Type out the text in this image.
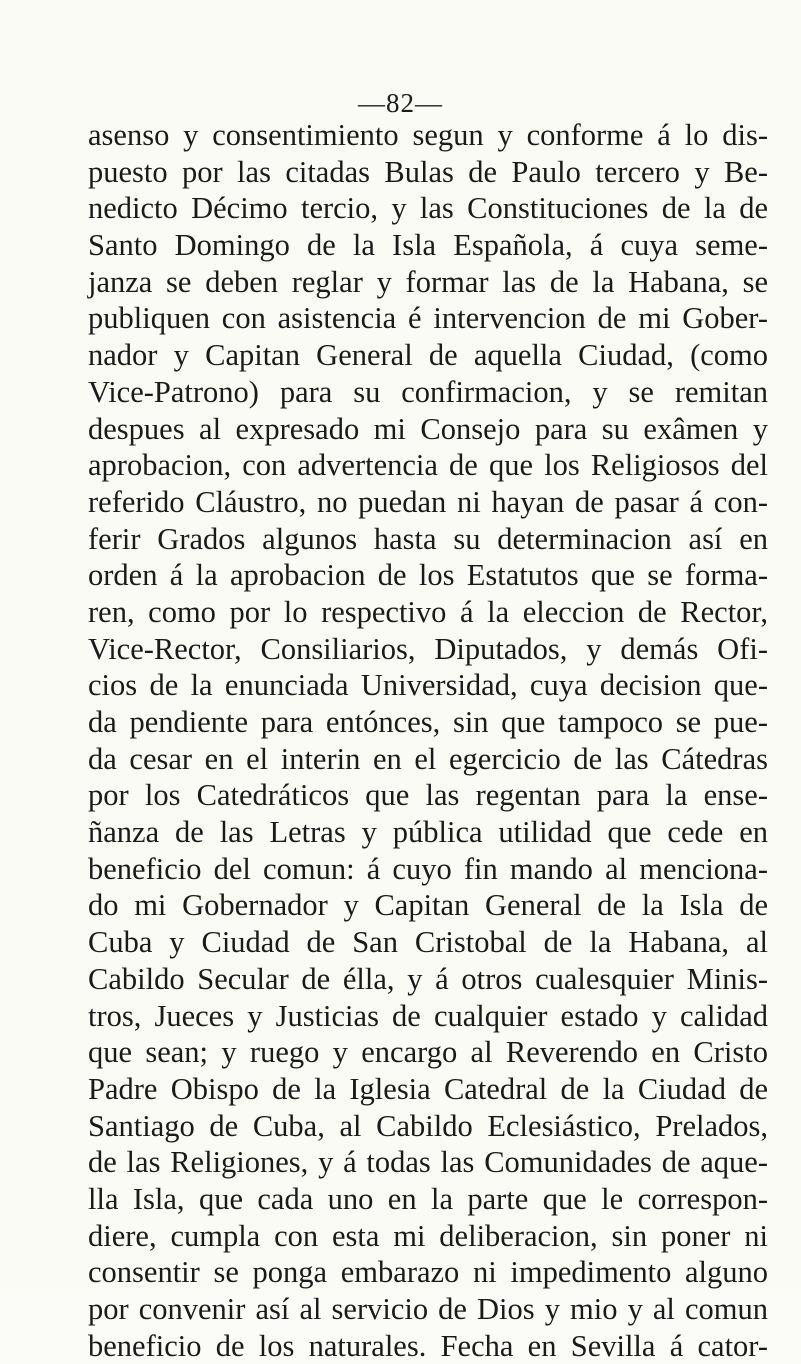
—82—
asenso y consentimiento segun y conforme á lo dis-
puesto por las citadas Bulas de Paulo tercero y Be-
nedicto Décimo tercio, y las Constituciones de la de
Santo Domingo de la Isla Española, á cuya seme-
janza se deben reglar y formar las de la Habana, se
publiquen con asistencia é intervencion de mi Gober-
nador y Capitan General de aquella Ciudad, (como
Vice-Patrono) para su confirmacion, y se remitan
despues al expresado mi Consejo para su exâmen y
aprobacion, con advertencia de que los Religiosos del
referido Cláustro, no puedan ni hayan de pasar á con-
ferir Grados algunos hasta su determinacion así en
orden á la aprobacion de los Estatutos que se forma-
ren, como por lo respectivo á la eleccion de Rector,
Vice-Rector, Consiliarios, Diputados, y demás Ofi-
cios de la enunciada Universidad, cuya decision que-
da pendiente para entónces, sin que tampoco se pue-
da cesar en el interin en el egercicio de las Cátedras
por los Catedráticos que las regentan para la ense-
ñanza de las Letras y pública utilidad que cede en
beneficio del comun: á cuyo fin mando al menciona-
do mi Gobernador y Capitan General de la Isla de
Cuba y Ciudad de San Cristobal de la Habana, al
Cabildo Secular de élla, y á otros cualesquier Minis-
tros, Jueces y Justicias de cualquier estado y calidad
que sean; y ruego y encargo al Reverendo en Cristo
Padre Obispo de la Iglesia Catedral de la Ciudad de
Santiago de Cuba, al Cabildo Eclesiástico, Prelados,
de las Religiones, y á todas las Comunidades de aque-
lla Isla, que cada uno en la parte que le correspon-
diere, cumpla con esta mi deliberacion, sin poner ni
consentir se ponga embarazo ni impedimento alguno
por convenir así al servicio de Dios y mio y al comun
beneficio de los naturales. Fecha en Sevilla á cator-
